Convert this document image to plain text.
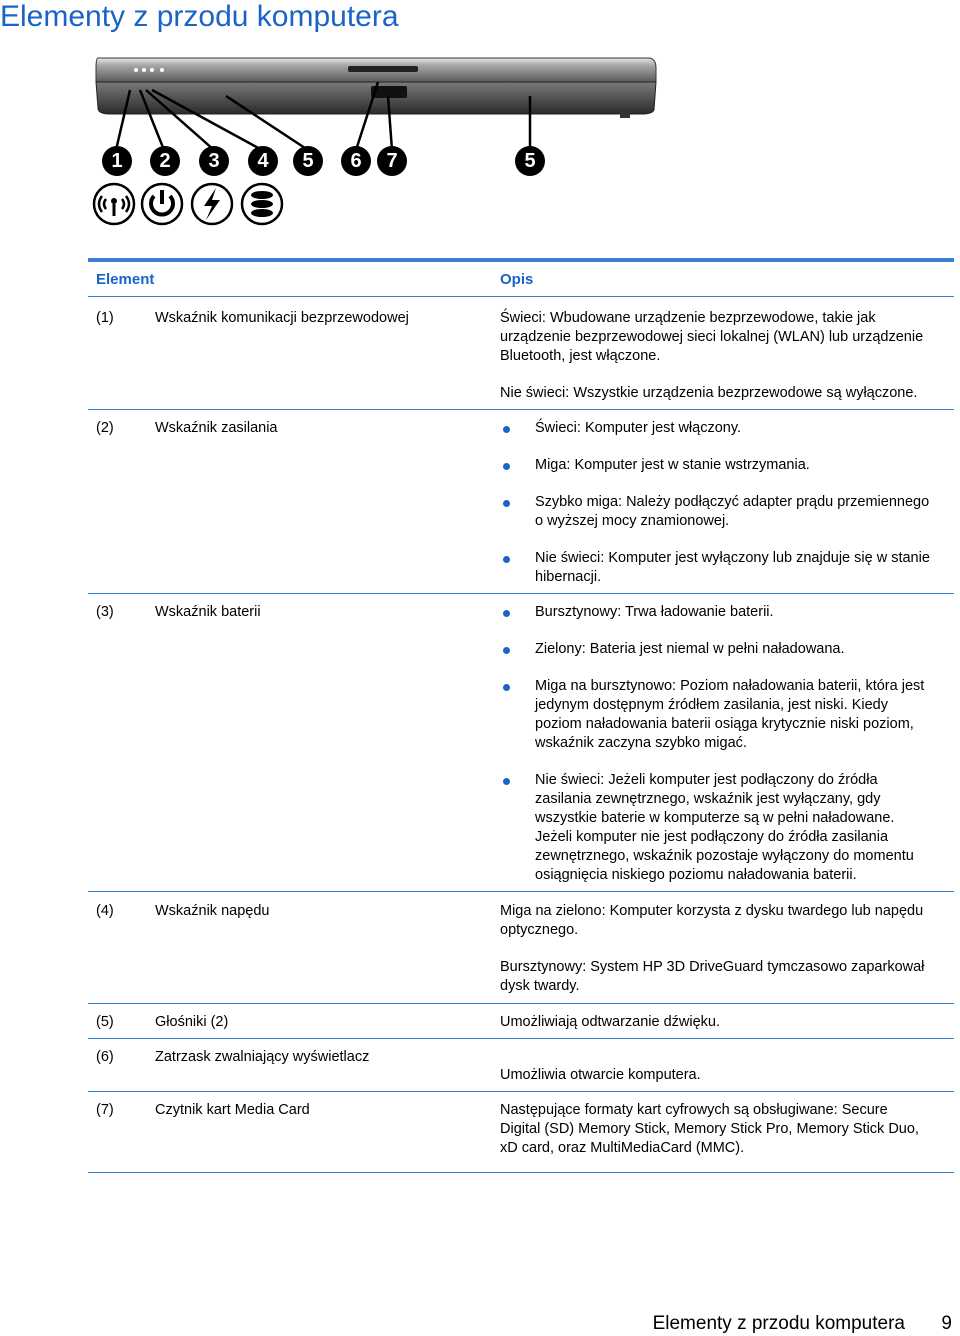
Elementy z przodu komputera
1	2	3	4	5	6	7	5
Element	Opis
(1)	Wskaźnik komunikacji bezprzewodowej	Świeci: Wbudowane urządzenie bezprzewodowe, takie jak
urządzenie bezprzewodowej sieci lokalnej (WLAN) lub urządzenie
Bluetooth, jest włączone.
Nie świeci: Wszystkie urządzenia bezprzewodowe są wyłączone.
(2)	Wskaźnik zasilania	Świeci: Komputer jest włączony.
Miga: Komputer jest w stanie wstrzymania.
Szybko miga: Należy podłączyć adapter prądu przemiennego
o wyższej mocy znamionowej.
Nie świeci: Komputer jest wyłączony lub znajduje się w stanie
hibernacji.
(3)	Wskaźnik baterii	Bursztynowy: Trwa ładowanie baterii.
Zielony: Bateria jest niemal w pełni naładowana.
Miga na bursztynowo: Poziom naładowania baterii, która jest
jedynym dostępnym źródłem zasilania, jest niski. Kiedy
poziom naładowania baterii osiąga krytycznie niski poziom,
wskaźnik zaczyna szybko migać.
Nie świeci: Jeżeli komputer jest podłączony do źródła
zasilania zewnętrznego, wskaźnik jest wyłączany, gdy
wszystkie baterie w komputerze są w pełni naładowane.
Jeżeli komputer nie jest podłączony do źródła zasilania
zewnętrznego, wskaźnik pozostaje wyłączony do momentu
osiągnięcia niskiego poziomu naładowania baterii.
(4)	Wskaźnik napędu	Miga na zielono: Komputer korzysta z dysku twardego lub napędu
optycznego.
Bursztynowy: System HP 3D DriveGuard tymczasowo zaparkował
dysk twardy.
(5)	Głośniki (2)	Umożliwiają odtwarzanie dźwięku.
(6)	Zatrzask zwalniający wyświetlacz
Umożliwia otwarcie komputera.
(7)	Czytnik kart Media Card	Następujące formaty kart cyfrowych są obsługiwane: Secure
Digital (SD) Memory Stick, Memory Stick Pro, Memory Stick Duo,
xD card, oraz MultiMediaCard (MMC).
Elementy z przodu komputera 9
